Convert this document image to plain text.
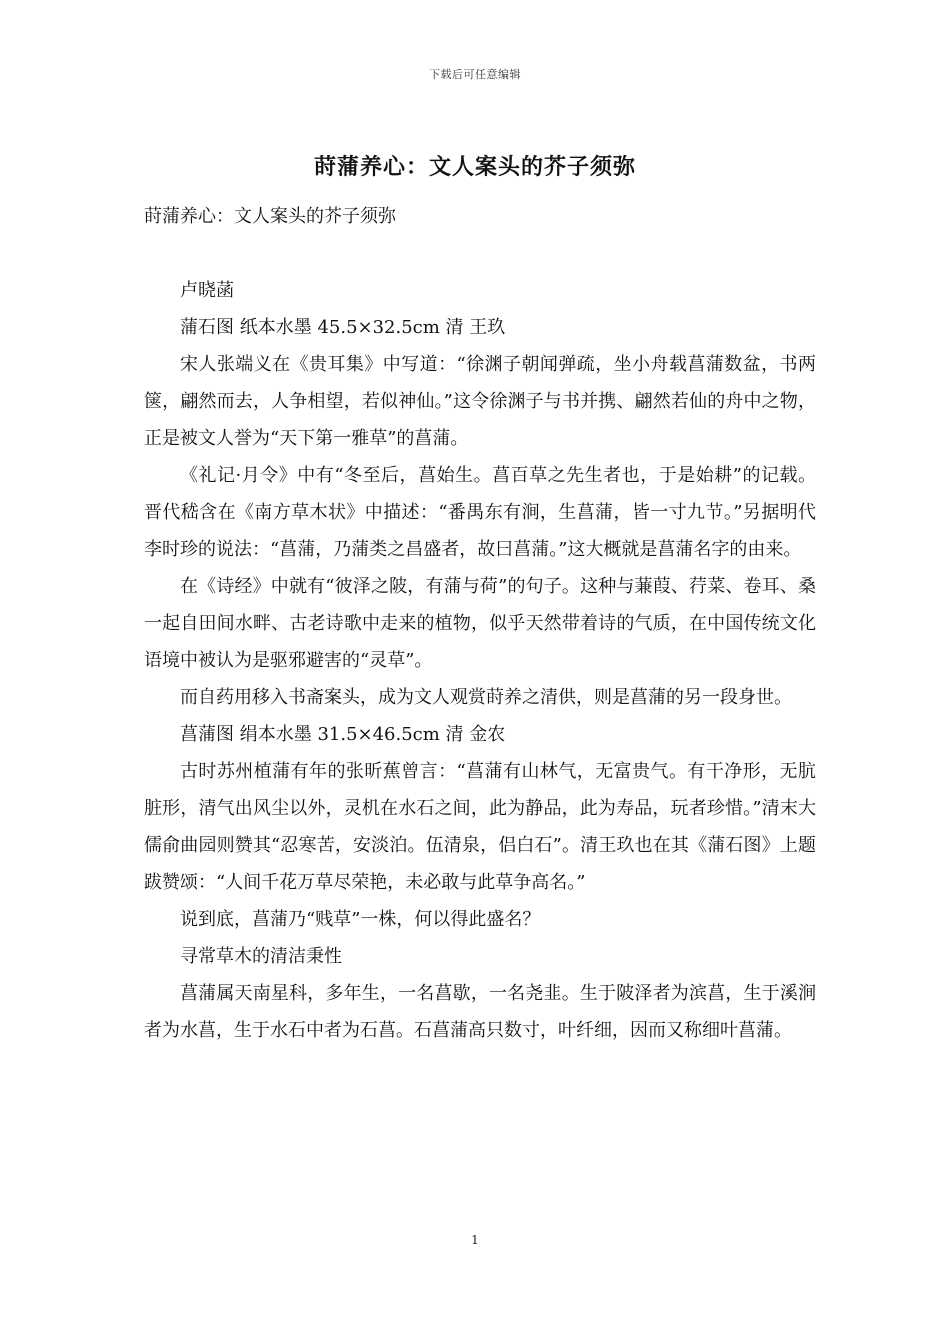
下载后可任意编辑
莳蒲养心：文人案头的芥子须弥

莳蒲养心：文人案头的芥子须弥

卢晓菡

蒲石图 纸本水墨 45.5×32.5cm 清 王玖

宋人张端义在《贵耳集》中写道：“徐渊子朝闻弹疏，坐小舟载菖蒲数盆，书两箧，翩然而去，人争相望，若似神仙。”这令徐渊子与书并携、翩然若仙的舟中之物，正是被文人誉为“天下第一雅草”的菖蒲。

《礼记·月令》中有“冬至后，菖始生。菖百草之先生者也，于是始耕”的记载。晋代嵇含在《南方草木状》中描述：“番禺东有涧，生菖蒲，皆一寸九节。”另据明代李时珍的说法：“菖蒲，乃蒲类之昌盛者，故曰菖蒲。”这大概就是菖蒲名字的由来。

在《诗经》中就有“彼泽之陂，有蒲与荷”的句子。这种与蒹葭、荇菜、卷耳、桑一起自田间水畔、古老诗歌中走来的植物，似乎天然带着诗的气质，在中国传统文化语境中被认为是驱邪避害的“灵草”。

而自药用移入书斋案头，成为文人观赏莳养之清供，则是菖蒲的另一段身世。

菖蒲图 绢本水墨 31.5×46.5cm 清 金农

古时苏州植蒲有年的张昕蕉曾言：“菖蒲有山林气，无富贵气。有干净形，无肮脏形，清气出风尘以外，灵机在水石之间，此为静品，此为寿品，玩者珍惜。”清末大儒俞曲园则赞其“忍寒苦，安淡泊。伍清泉，侣白石”。清王玖也在其《蒲石图》上题跋赞颂：“人间千花万草尽荣艳，未必敢与此草争高名。”

说到底，菖蒲乃“贱草”一株，何以得此盛名？

寻常草木的清洁秉性

菖蒲属天南星科，多年生，一名菖歇，一名尧韭。生于陂泽者为滨菖，生于溪涧者为水菖，生于水石中者为石菖。石菖蒲高只数寸，叶纤细，因而又称细叶菖蒲。

1
